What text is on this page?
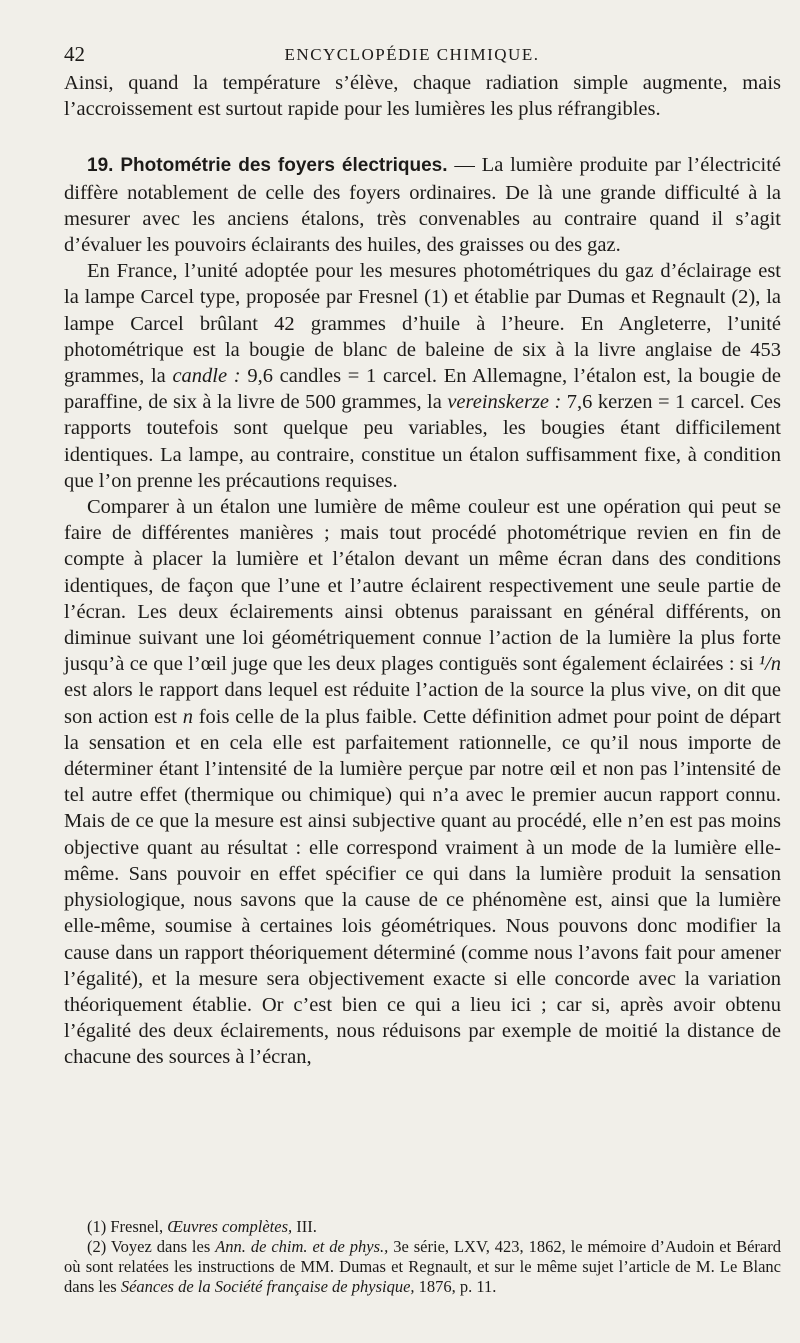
42	ENCYCLOPÉDIE CHIMIQUE.

Ainsi, quand la température s’élève, chaque radiation simple augmente, mais l’accroissement est surtout rapide pour les lumières les plus réfrangibles.

19. Photométrie des foyers électriques. — La lumière produite par l’électricité diffère notablement de celle des foyers ordinaires. De là une grande difficulté à la mesurer avec les anciens étalons, très convenables au contraire quand il s’agit d’évaluer les pouvoirs éclairants des huiles, des graisses ou des gaz.

En France, l’unité adoptée pour les mesures photométriques du gaz d’éclairage est la lampe Carcel type, proposée par Fresnel (1) et établie par Dumas et Regnault (2), la lampe Carcel brûlant 42 grammes d’huile à l’heure. En Angleterre, l’unité photométrique est la bougie de blanc de baleine de six à la livre anglaise de 453 grammes, la candle : 9,6 candles = 1 carcel. En Allemagne, l’étalon est, la bougie de paraffine, de six à la livre de 500 grammes, la vereinskerze : 7,6 kerzen = 1 carcel. Ces rapports toutefois sont quelque peu variables, les bougies étant difficilement identiques. La lampe, au contraire, constitue un étalon suffisamment fixe, à condition que l’on prenne les précautions requises.

Comparer à un étalon une lumière de même couleur est une opération qui peut se faire de différentes manières ; mais tout procédé photométrique revien en fin de compte à placer la lumière et l’étalon devant un même écran dans des conditions identiques, de façon que l’une et l’autre éclairent respectivement une seule partie de l’écran. Les deux éclairements ainsi obtenus paraissant en général différents, on diminue suivant une loi géométriquement connue l’action de la lumière la plus forte jusqu’à ce que l’œil juge que les deux plages contiguës sont également éclairées : si ¹/n est alors le rapport dans lequel est réduite l’action de la source la plus vive, on dit que son action est n fois celle de la plus faible. Cette définition admet pour point de départ la sensation et en cela elle est parfaitement rationnelle, ce qu’il nous importe de déterminer étant l’intensité de la lumière perçue par notre œil et non pas l’intensité de tel autre effet (thermique ou chimique) qui n’a avec le premier aucun rapport connu. Mais de ce que la mesure est ainsi subjective quant au procédé, elle n’en est pas moins objective quant au résultat : elle correspond vraiment à un mode de la lumière elle-même. Sans pouvoir en effet spécifier ce qui dans la lumière produit la sensation physiologique, nous savons que la cause de ce phénomène est, ainsi que la lumière elle-même, soumise à certaines lois géométriques. Nous pouvons donc modifier la cause dans un rapport théoriquement déterminé (comme nous l’avons fait pour amener l’égalité), et la mesure sera objectivement exacte si elle concorde avec la variation théoriquement établie. Or c’est bien ce qui a lieu ici ; car si, après avoir obtenu l’égalité des deux éclairements, nous réduisons par exemple de moitié la distance de chacune des sources à l’écran,

(1) Fresnel, Œuvres complètes, III.

(2) Voyez dans les Ann. de chim. et de phys., 3e série, LXV, 423, 1862, le mémoire d’Audoin et Bérard où sont relatées les instructions de MM. Dumas et Regnault, et sur le même sujet l’article de M. Le Blanc dans les Séances de la Société française de physique, 1876, p. 11.
